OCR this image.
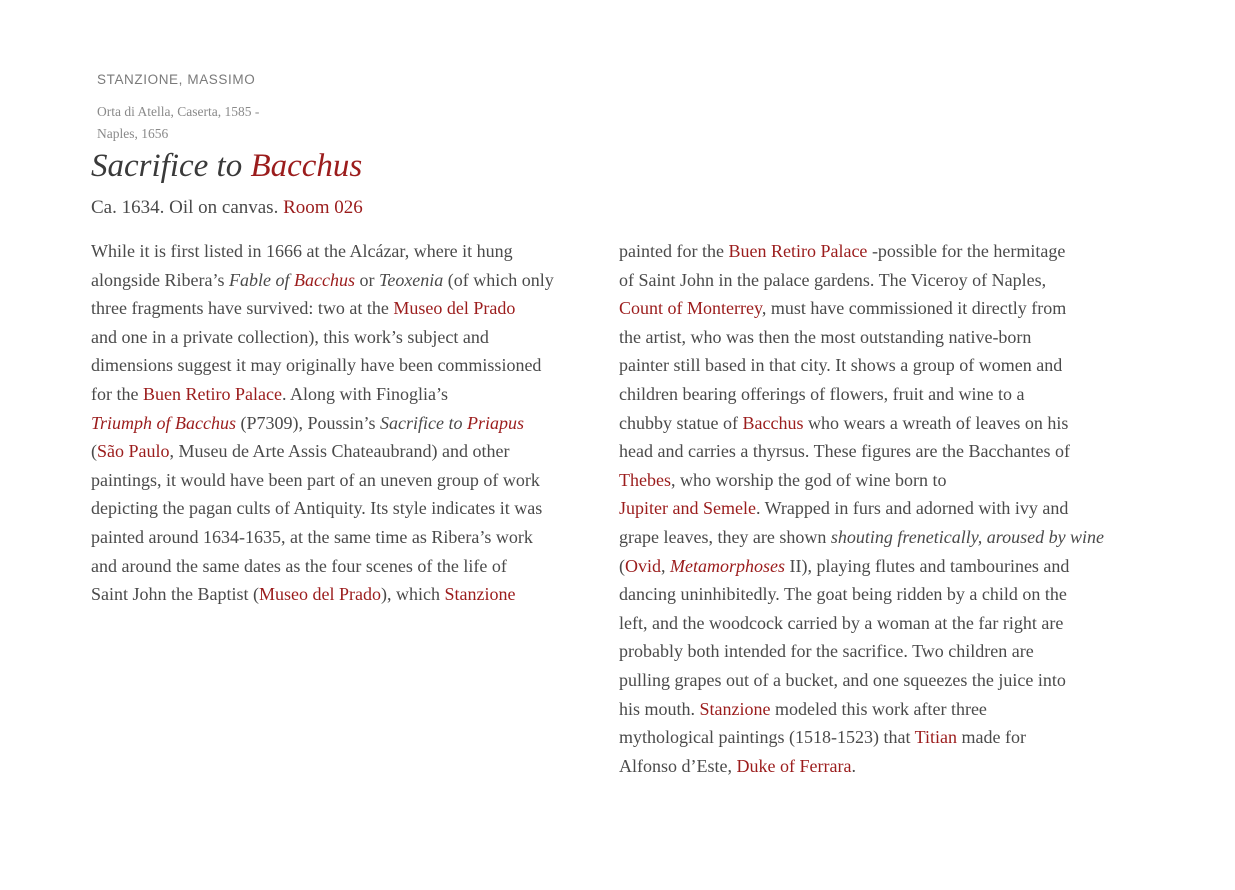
STANZIONE, MASSIMO

Orta di Atella, Caserta, 1585 -
Naples, 1656

Sacrifice to Bacchus

Ca. 1634. Oil on canvas. Room 026

While it is first listed in 1666 at the Alcázar, where it hung
alongside Ribera’s Fable of Bacchus or Teoxenia (of which only
three fragments have survived: two at the Museo del Prado
and one in a private collection), this work’s subject and
dimensions suggest it may originally have been commissioned
for the Buen Retiro Palace. Along with Finoglia’s
Triumph of Bacchus (P7309), Poussin’s Sacrifice to Priapus
(São Paulo, Museu de Arte Assis Chateaubrand) and other
paintings, it would have been part of an uneven group of work
depicting the pagan cults of Antiquity. Its style indicates it was
painted around 1634-1635, at the same time as Ribera’s work
and around the same dates as the four scenes of the life of
Saint John the Baptist (Museo del Prado), which Stanzione
painted for the Buen Retiro Palace -possible for the hermitage
of Saint John in the palace gardens. The Viceroy of Naples,
Count of Monterrey, must have commissioned it directly from
the artist, who was then the most outstanding native-born
painter still based in that city. It shows a group of women and
children bearing offerings of flowers, fruit and wine to a
chubby statue of Bacchus who wears a wreath of leaves on his
head and carries a thyrsus. These figures are the Bacchantes of
Thebes, who worship the god of wine born to
Jupiter and Semele. Wrapped in furs and adorned with ivy and
grape leaves, they are shown shouting frenetically, aroused by wine
(Ovid, Metamorphoses II), playing flutes and tambourines and
dancing uninhibitedly. The goat being ridden by a child on the
left, and the woodcock carried by a woman at the far right are
probably both intended for the sacrifice. Two children are
pulling grapes out of a bucket, and one squeezes the juice into
his mouth. Stanzione modeled this work after three
mythological paintings (1518-1523) that Titian made for
Alfonso d’Este, Duke of Ferrara.
